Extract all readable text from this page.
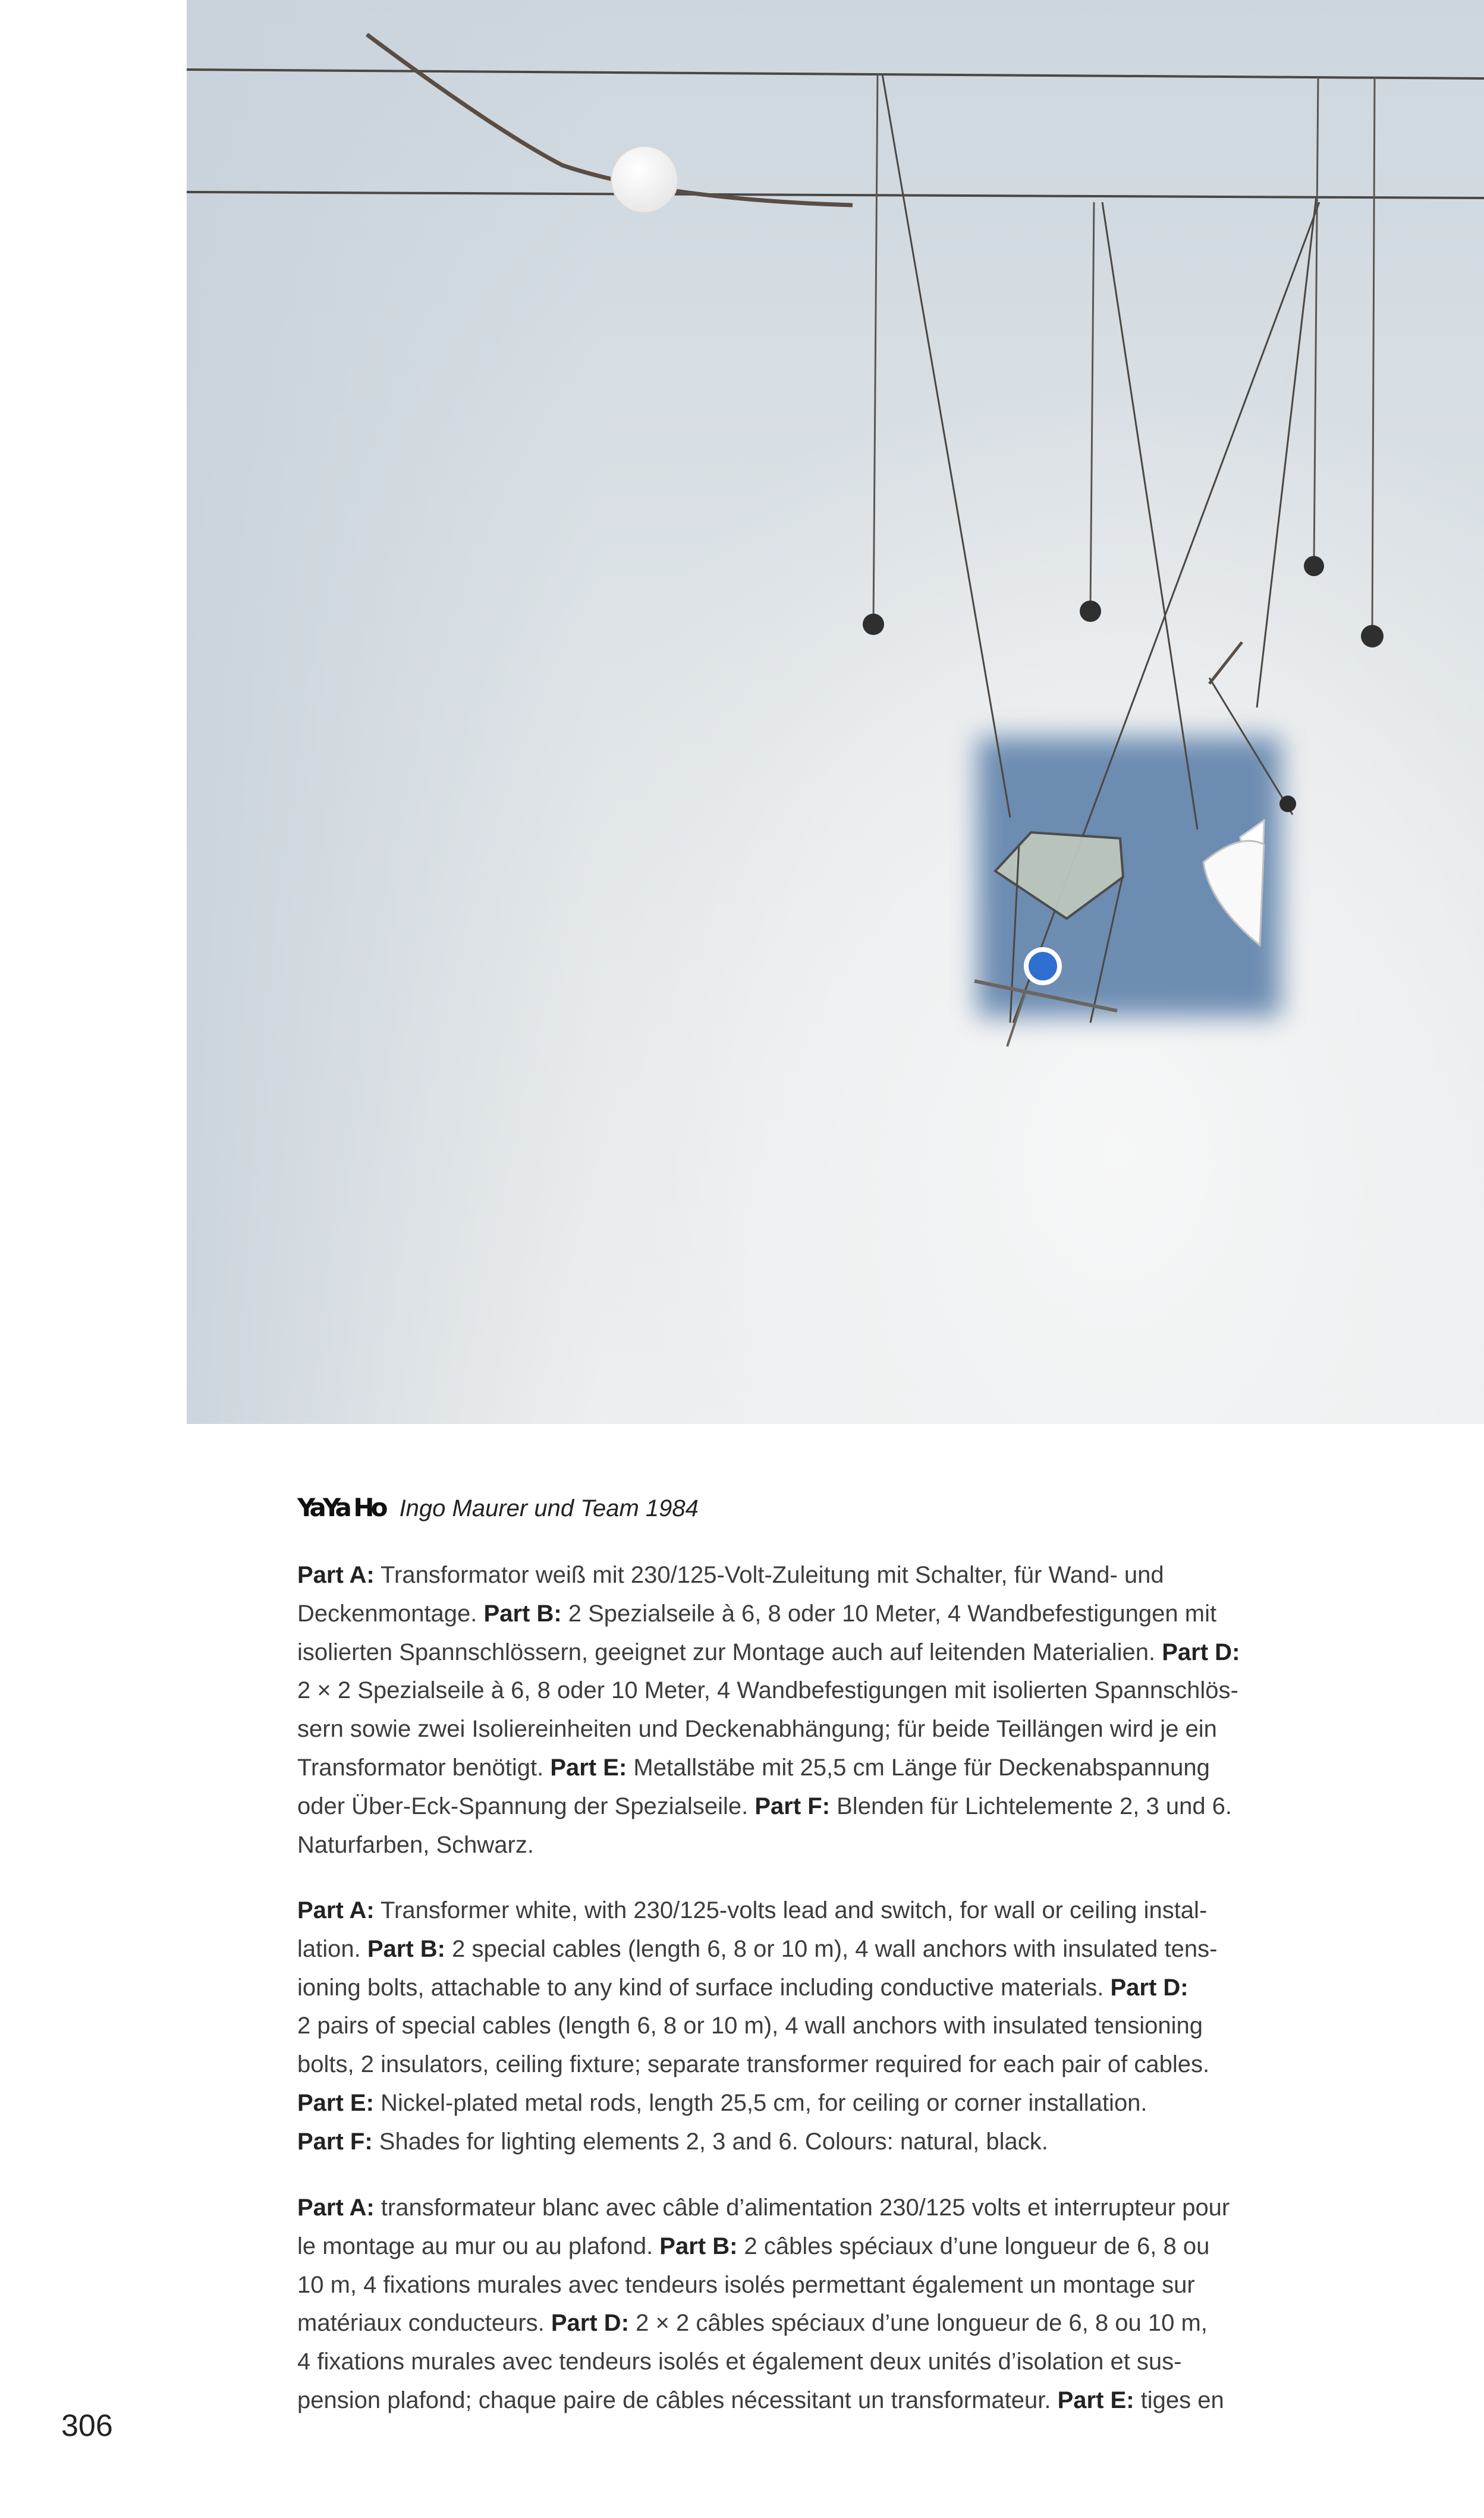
YaYa Ho Ingo Maurer und Team 1984

Part A: Transformator weiß mit 230/125-Volt-Zuleitung mit Schalter, für Wand- und
Deckenmontage. Part B: 2 Spezialseile à 6, 8 oder 10 Meter, 4 Wandbefestigungen mit
isolierten Spannschlössern, geeignet zur Montage auch auf leitenden Materialien. Part D:
2 × 2 Spezialseile à 6, 8 oder 10 Meter, 4 Wandbefestigungen mit isolierten Spannschlös-
sern sowie zwei Isoliereinheiten und Deckenabhängung; für beide Teillängen wird je ein
Transformator benötigt. Part E: Metallstäbe mit 25,5 cm Länge für Deckenabspannung
oder Über-Eck-Spannung der Spezialseile. Part F: Blenden für Lichtelemente 2, 3 und 6.
Naturfarben, Schwarz.

Part A: Transformer white, with 230/125-volts lead and switch, for wall or ceiling instal-
lation. Part B: 2 special cables (length 6, 8 or 10 m), 4 wall anchors with insulated tens-
ioning bolts, attachable to any kind of surface including conductive materials. Part D:
2 pairs of special cables (length 6, 8 or 10 m), 4 wall anchors with insulated tensioning
bolts, 2 insulators, ceiling fixture; separate transformer required for each pair of cables.
Part E: Nickel-plated metal rods, length 25,5 cm, for ceiling or corner installation.
Part F: Shades for lighting elements 2, 3 and 6. Colours: natural, black.

Part A: transformateur blanc avec câble d’alimentation 230/125 volts et interrupteur pour
le montage au mur ou au plafond. Part B: 2 câbles spéciaux d’une longueur de 6, 8 ou
10 m, 4 fixations murales avec tendeurs isolés permettant également un montage sur
matériaux conducteurs. Part D: 2 × 2 câbles spéciaux d’une longueur de 6, 8 ou 10 m,
4 fixations murales avec tendeurs isolés et également deux unités d’isolation et sus-
pension plafond; chaque paire de câbles nécessitant un transformateur. Part E: tiges en

306
